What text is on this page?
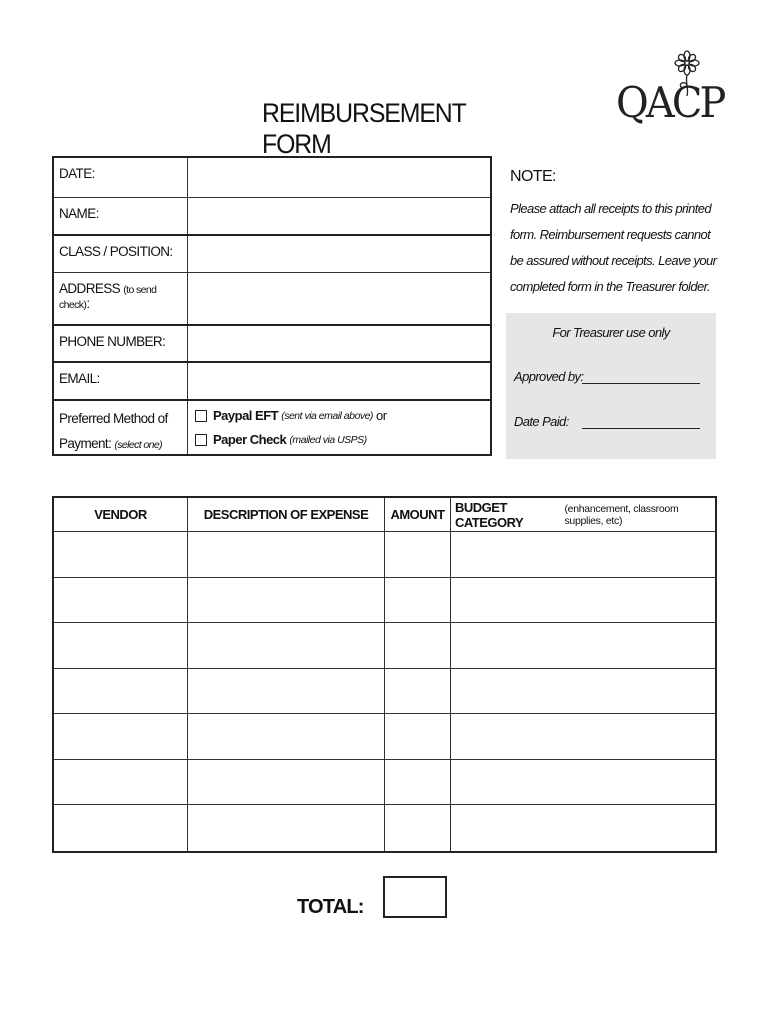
REIMBURSEMENT FORM
QACP
DATE:
NAME:
CLASS / POSITION:
ADDRESS (to send check):
PHONE NUMBER:
EMAIL:
Preferred Method of
Payment: (select one)
Paypal EFT
(sent via email above)
or
Paper Check
(mailed via USPS)
NOTE:
Please attach all receipts to this printed form. Reimbursement requests cannot be assured without receipts. Leave your completed form in the Treasurer folder.
For Treasurer use only
Approved by:
Date Paid:
VENDOR	DESCRIPTION OF EXPENSE	AMOUNT BUDGET CATEGORY
(enhancement, classroom supplies, etc)
TOTAL:
